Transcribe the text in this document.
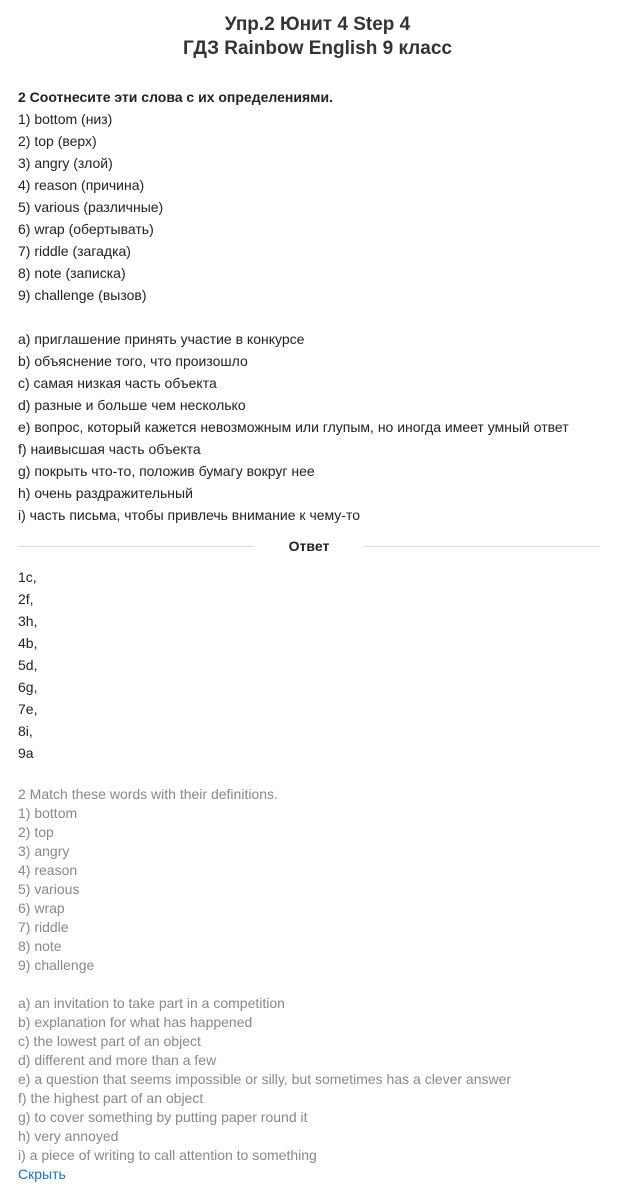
Упр.2 Юнит 4 Step 4
ГДЗ Rainbow English 9 класс
2 Соотнесите эти слова с их определениями.
1) bottom (низ)
2) top (верх)
3) angry (злой)
4) reason (причина)
5) various (различные)
6) wrap (обертывать)
7) riddle (загадка)
8) note (записка)
9) challenge (вызов)
a) приглашение принять участие в конкурсе
b) объяснение того, что произошло
c) самая низкая часть объекта
d) разные и больше чем несколько
e) вопрос, который кажется невозможным или глупым, но иногда имеет умный ответ
f) наивысшая часть объекта
g) покрыть что-то, положив бумагу вокруг нее
h) очень раздражительный
i) часть письма, чтобы привлечь внимание к чему-то
Ответ
1c,
2f,
3h,
4b,
5d,
6g,
7e,
8i,
9a
2 Match these words with their definitions.
1) bottom
2) top
3) angry
4) reason
5) various
6) wrap
7) riddle
8) note
9) challenge
a) an invitation to take part in a competition
b) explanation for what has happened
c) the lowest part of an object
d) different and more than a few
e) a question that seems impossible or silly, but sometimes has a clever answer
f) the highest part of an object
g) to cover something by putting paper round it
h) very annoyed
i) a piece of writing to call attention to something
Скрыть
